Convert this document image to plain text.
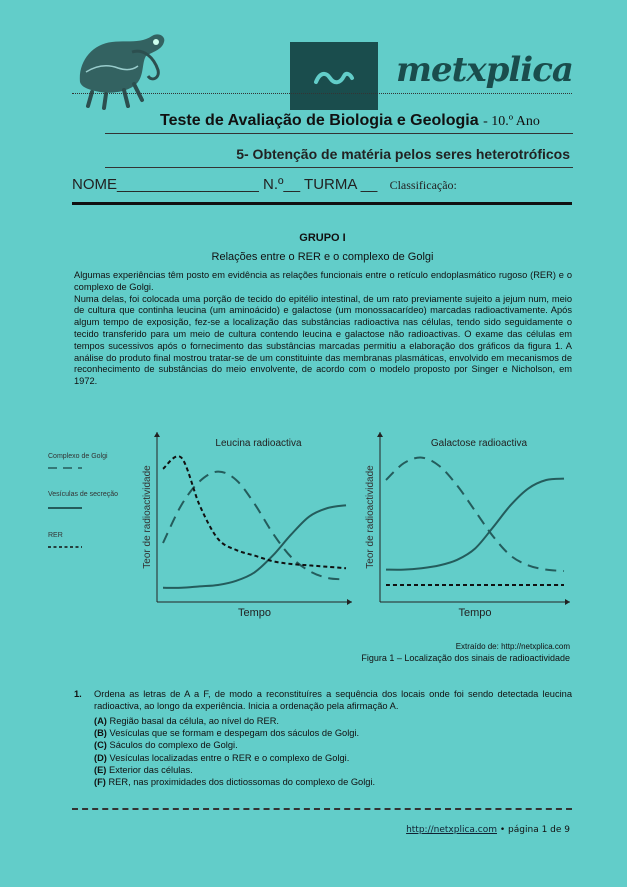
metxplica
Teste de Avaliação de Biologia e Geologia - 10.º Ano
5- Obtenção de matéria pelos seres heterotróficos
NOME_________________ N.º__ TURMA __ Classificação:
GRUPO I
Relações entre o RER e o complexo de Golgi

Algumas experiências têm posto em evidência as relações funcionais entre o retículo endoplasmático rugoso (RER) e o complexo de Golgi.

Numa delas, foi colocada uma porção de tecido do epitélio intestinal, de um rato previamente sujeito a jejum num, meio de cultura que continha leucina (um aminoácido) e galactose (um monossacarídeo) marcadas radioactivamente. Após algum tempo de exposição, fez-se a localização das substâncias radioactiva nas células, tendo sido seguidamente o tecido transferido para um meio de cultura contendo leucina e galactose não radioactivas. O exame das células em tempos sucessivos após o fornecimento das substâncias marcadas permitiu a elaboração dos gráficos da figura 1. A análise do produto final mostrou tratar-se de um constituinte das membranas plasmáticas, envolvido em mecanismos de reconhecimento de substâncias do meio envolvente, de acordo com o modelo proposto por Singer e Nicholson, em 1972.

Complexo de Golgi
Vesículas de secreção
RER
Leucina radioactiva
Tempo
Teor de radioactividade
Galactose radioactiva
Tempo
Teor de radioactividade
Extraído de: http://netxplica.com
Figura 1 – Localização dos sinais de radioactividade
1. Ordena as letras de A a F, de modo a reconstituíres a sequência dos locais onde foi sendo detectada leucina radioactiva, ao longo da experiência. Inicia a ordenação pela afirmação A.
(A) Região basal da célula, ao nível do RER.
(B) Vesículas que se formam e despegam dos sáculos de Golgi.
(C) Sáculos do complexo de Golgi.
(D) Vesículas localizadas entre o RER e o complexo de Golgi.
(E) Exterior das células.
(F) RER, nas proximidades dos dictiossomas do complexo de Golgi.
http://netxplica.com • página 1 de 9
